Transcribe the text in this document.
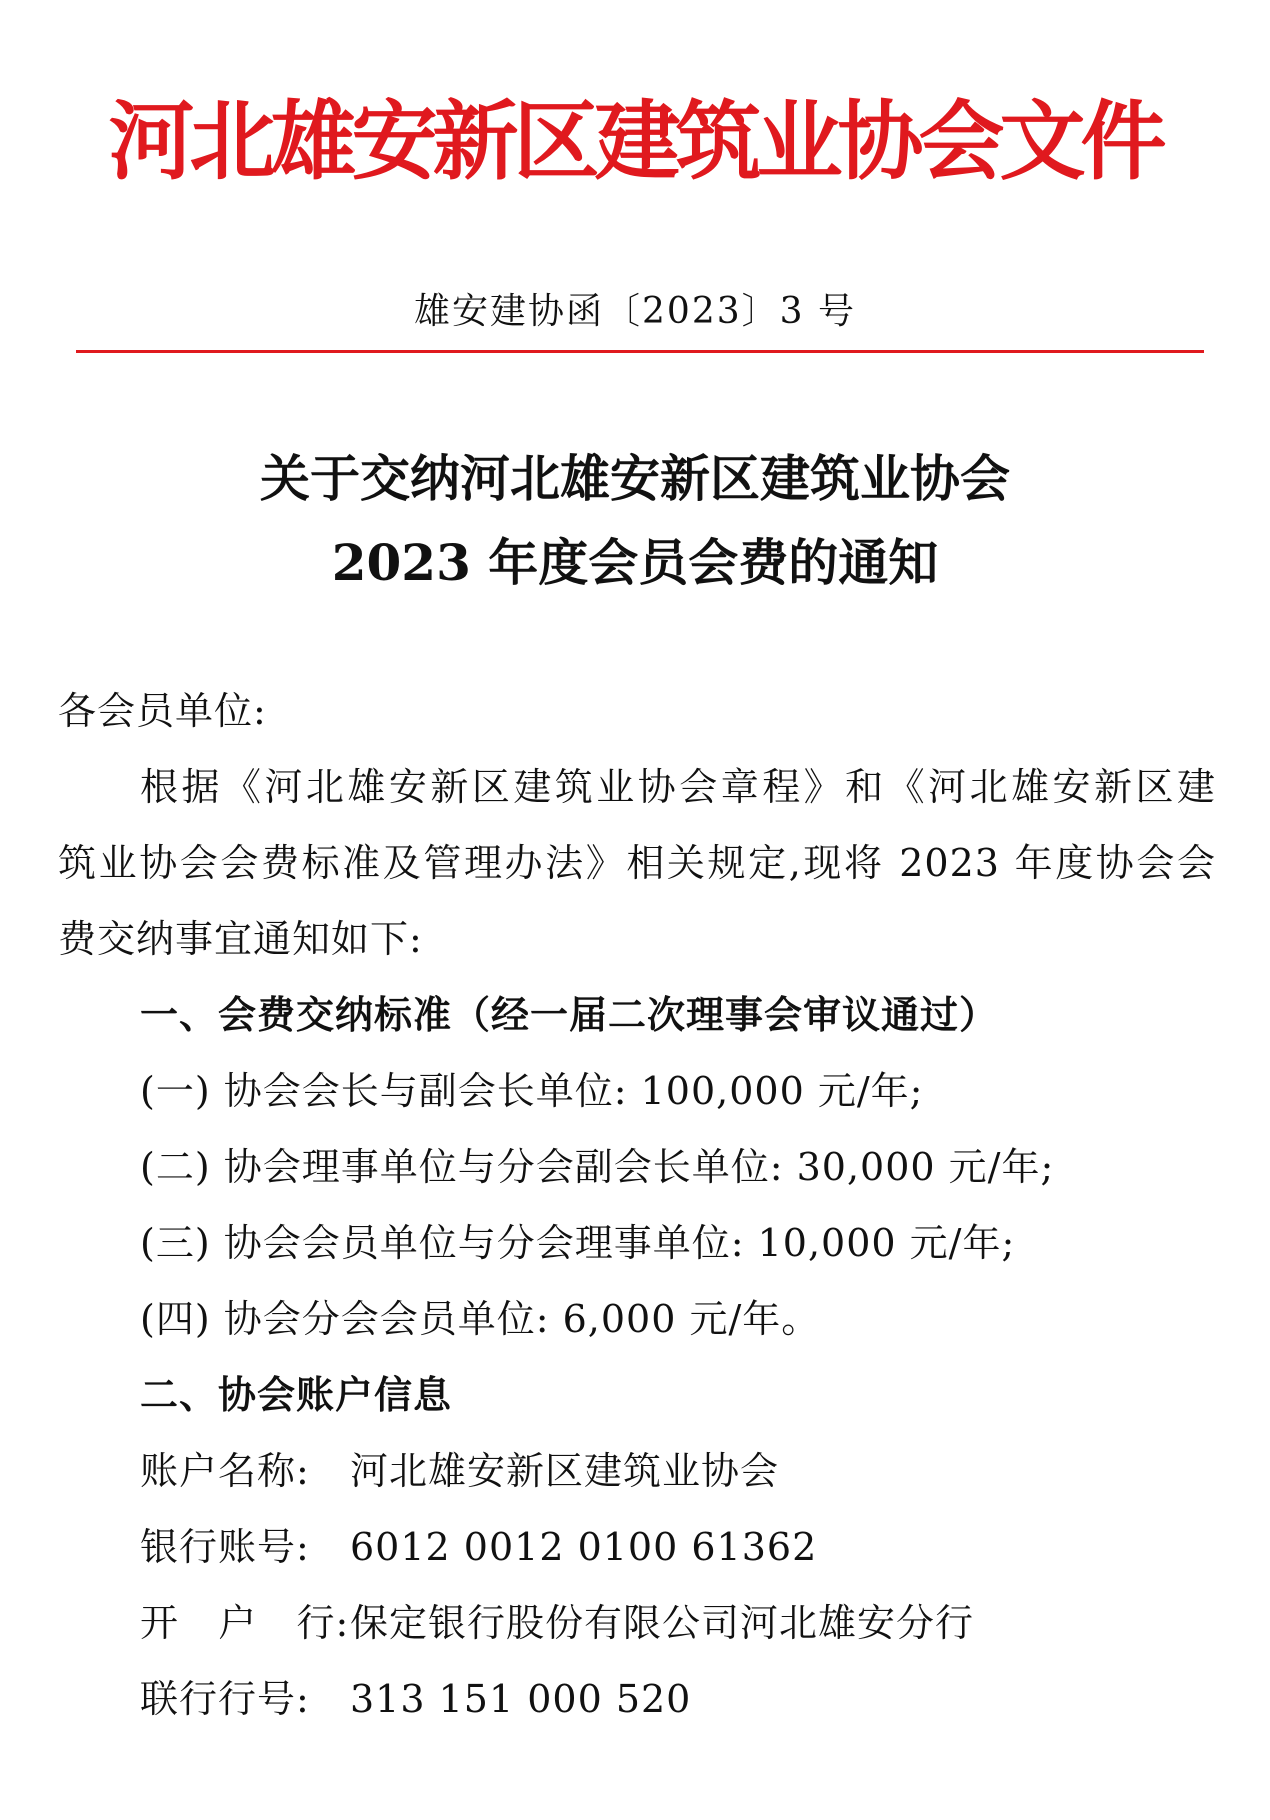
河北雄安新区建筑业协会文件
雄安建协函〔2023〕3 号
关于交纳河北雄安新区建筑业协会
2023 年度会员会费的通知
各会员单位:
根据《河北雄安新区建筑业协会章程》和《河北雄安新区建
筑业协会会费标准及管理办法》相关规定,现将 2023 年度协会会
费交纳事宜通知如下:
一、会费交纳标准（经一届二次理事会审议通过）
(一) 协会会长与副会长单位: 100,000 元/年;
(二) 协会理事单位与分会副会长单位: 30,000 元/年;
(三) 协会会员单位与分会理事单位: 10,000 元/年;
(四) 协会分会会员单位: 6,000 元/年。
二、协会账户信息
账户名称: 河北雄安新区建筑业协会
银行账号: 6012 0012 0100 61362
开   户   行: 保定银行股份有限公司河北雄安分行
联行行号: 313 151 000 520
